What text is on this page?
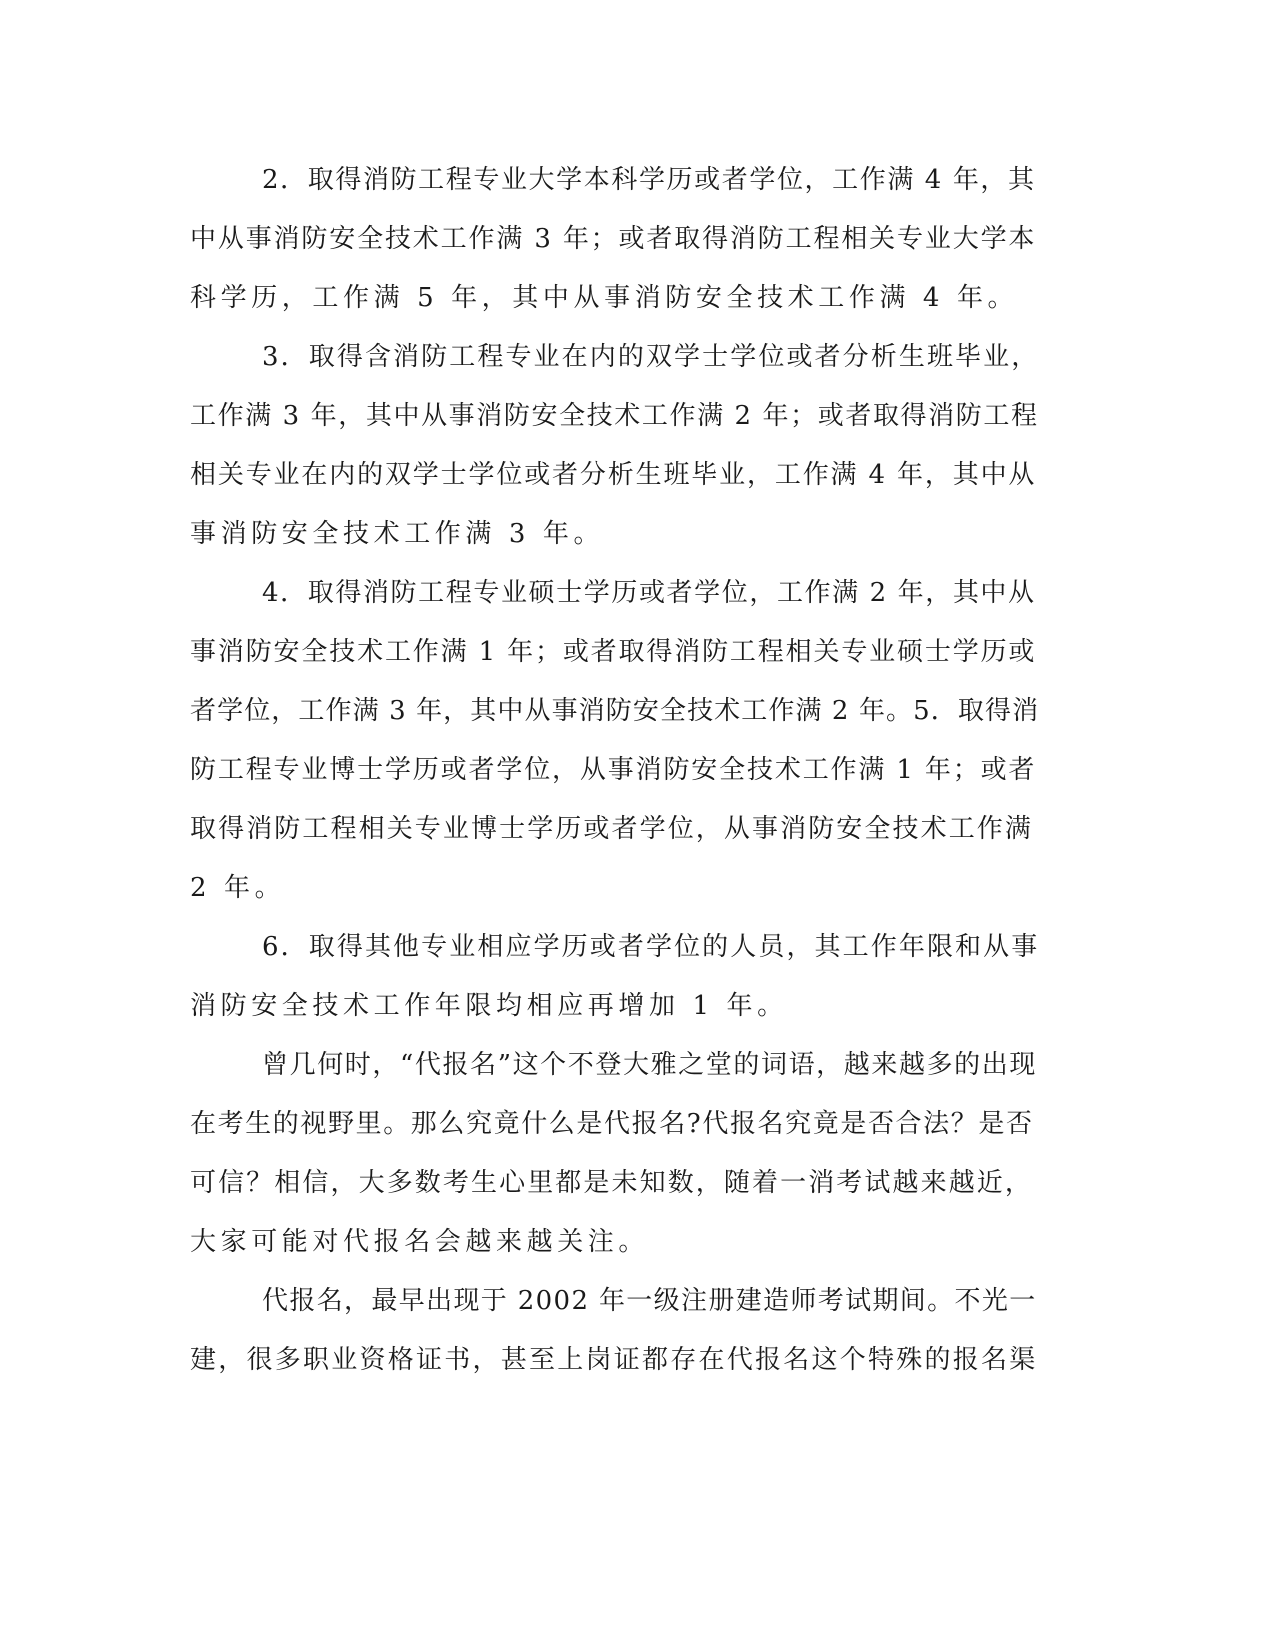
2．取得消防工程专业大学本科学历或者学位，工作满 4 年，其

中从事消防安全技术工作满 3 年；或者取得消防工程相关专业大学本

科学历，工作满 5 年，其中从事消防安全技术工作满 4 年。

3．取得含消防工程专业在内的双学士学位或者分析生班毕业，

工作满 3 年，其中从事消防安全技术工作满 2 年；或者取得消防工程

相关专业在内的双学士学位或者分析生班毕业，工作满 4 年，其中从

事消防安全技术工作满 3 年。

4．取得消防工程专业硕士学历或者学位，工作满 2 年，其中从

事消防安全技术工作满 1 年；或者取得消防工程相关专业硕士学历或

者学位，工作满 3 年，其中从事消防安全技术工作满 2 年。5．取得消

防工程专业博士学历或者学位，从事消防安全技术工作满 1 年；或者

取得消防工程相关专业博士学历或者学位，从事消防安全技术工作满

2 年。

6．取得其他专业相应学历或者学位的人员，其工作年限和从事

消防安全技术工作年限均相应再增加 1 年。

曾几何时，“代报名”这个不登大雅之堂的词语，越来越多的出现

在考生的视野里。那么究竟什么是代报名?代报名究竟是否合法？是否

可信？相信，大多数考生心里都是未知数，随着一消考试越来越近，

大家可能对代报名会越来越关注。

代报名，最早出现于 2002 年一级注册建造师考试期间。不光一

建，很多职业资格证书，甚至上岗证都存在代报名这个特殊的报名渠
